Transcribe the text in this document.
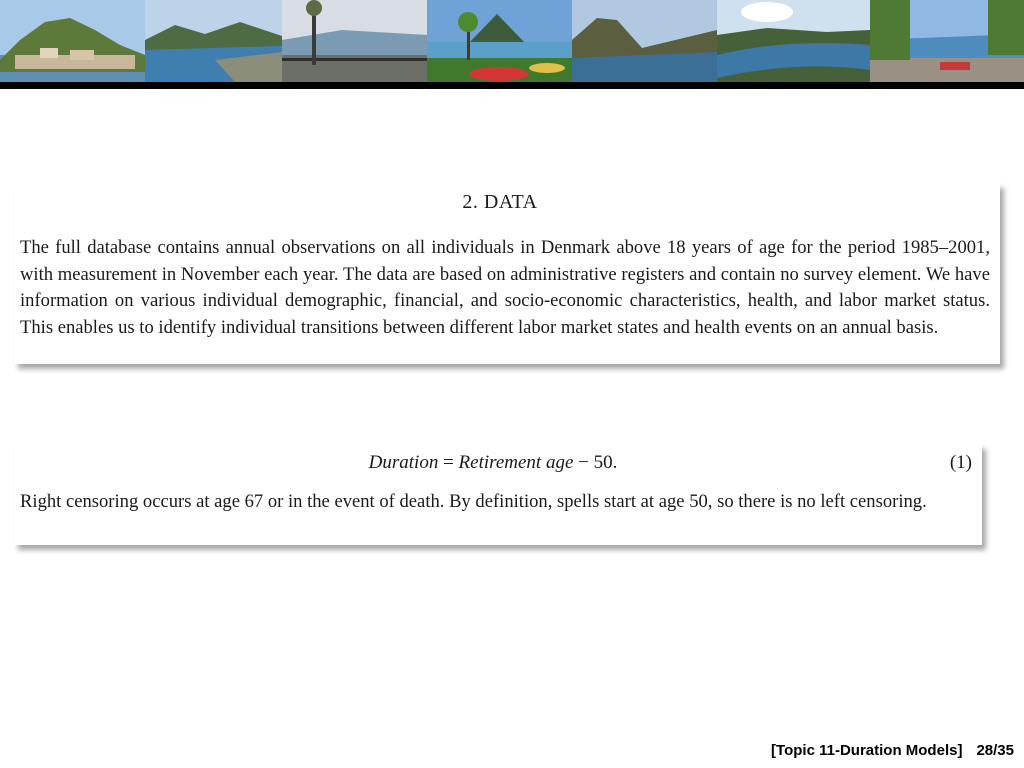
2. DATA

The full database contains annual observations on all individuals in Denmark above 18 years of age for the period 1985–2001, with measurement in November each year. The data are based on administrative registers and contain no survey element. We have information on various individual demographic, financial, and socio-economic characteristics, health, and labor market status. This enables us to identify individual transitions between different labor market states and health events on an annual basis.

Duration = Retirement age − 50.	(1)

Right censoring occurs at age 67 or in the event of death. By definition, spells start at age 50, so there is no left censoring.

[Topic 11-Duration Models] 28/35
